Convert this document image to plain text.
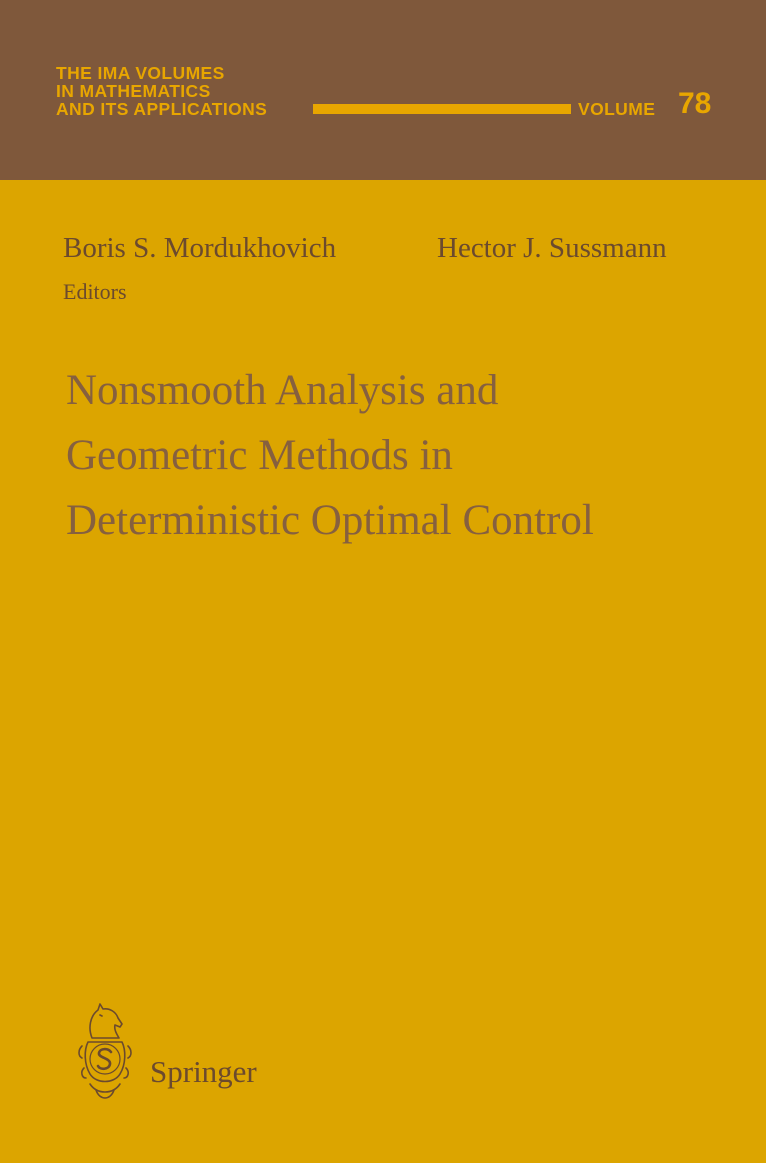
THE IMA VOLUMES
IN MATHEMATICS
AND ITS APPLICATIONS	VOLUME 78
Boris S. Mordukhovich	Hector J. Sussmann
Editors
Nonsmooth Analysis and
Geometric Methods in
Deterministic Optimal Control
Springer
